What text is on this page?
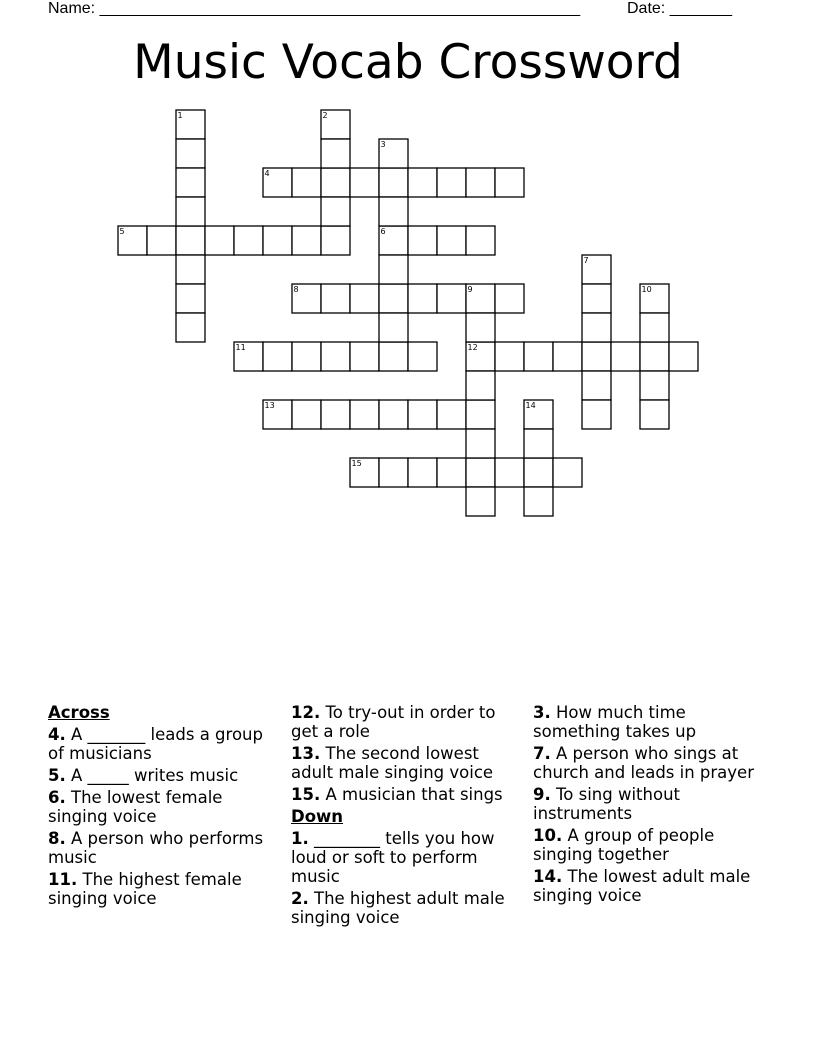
Name: ______________________________________________________	Date: _______
Music Vocab Crossword
4
5	6
8
11	12
13
15
1	2
3
7
9	10
14
Across
4. A _______ leads a group of musicians
5. A _____ writes music
6. The lowest female singing voice
8. A person who performs music
11. The highest female singing voice
12. To try-out in order to get a role
13. The second lowest adult male singing voice
15. A musician that sings
Down
1. ________ tells you how loud or soft to perform music
2. The highest adult male singing voice
3. How much time something takes up
7. A person who sings at church and leads in prayer
9. To sing without instruments
10. A group of people singing together
14. The lowest adult male singing voice
